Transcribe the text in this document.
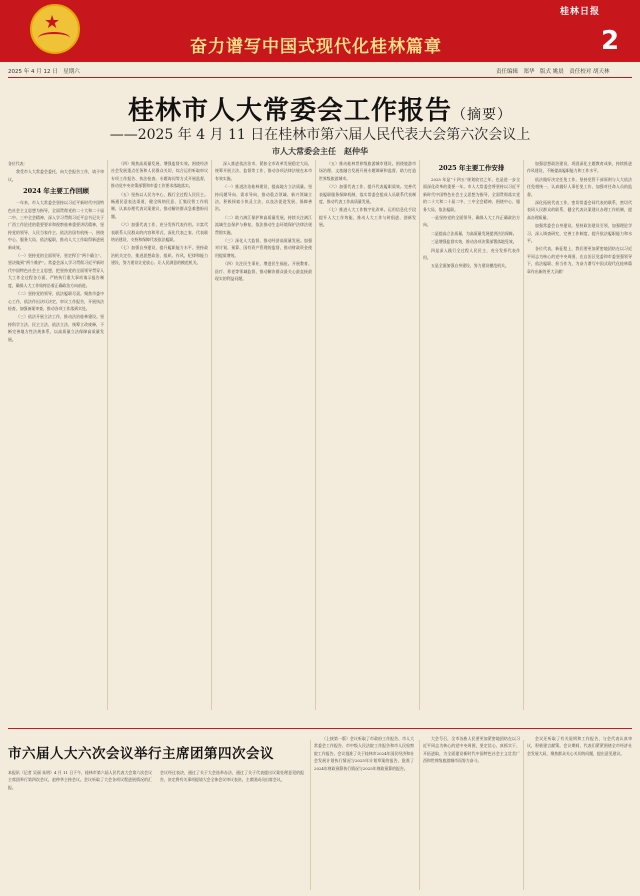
★
奋力谱写中国式现代化桂林篇章
桂林日报
2
2025 年 4 月 12 日　星期六	责任编辑　郑华　版式 姚晨　责任校对 胡天林
桂林市人大常委会工作报告（摘要）
——2025 年 4 月 11 日在桂林市第六届人民代表大会第六次会议上
市人大常委会主任　赵仲华

各位代表：

我受市人大常委会委托，向大会报告工作，请予审议。

2024 年主要工作回顾

一年来，市人大常委会坚持以习近平新时代中国特色社会主义思想为指导，全面贯彻党的二十大和二十届二中、三中全会精神，深入学习贯彻习近平总书记关于广西工作论述的重要要求和视察桂林重要讲话精神，坚持党的领导、人民当家作主、依法治国有机统一，围绕中心、服务大局，依法履职，推动人大工作取得新进展新成效。

（一）坚持党的全面领导，坚定捍卫“两个确立”、坚决做到“两个维护”。常委会深入学习贯彻习近平新时代中国特色社会主义思想，把坚持党的全面领导贯穿人大工作全过程各方面，严格执行重大事项请示报告制度，确保人大工作始终沿着正确政治方向前进。

（二）坚持党的领导，依法履职尽责。聚焦市委中心工作，依法作出决议决定，审议工作报告，开展执法检查，加强备案审查，推动各项工作落到实处。

（三）依法开展立法工作，推动法治桂林建设。坚持科学立法、民主立法、依法立法，统筹立改废释，不断完善地方性法规体系，以高质量立法保障高质量发展。

（四）聚焦高质量发展，增强监督实效。围绕经济社会发展重点任务和人民群众关切，综合运用听取审议专项工作报告、执法检查、专题询问等方式开展监督，推动党中央决策部署和市委工作要求落地落实。

（五）坚持以人民为中心，践行全过程人民民主。畅通民意表达渠道，健全吸纳民意、汇集民智工作机制，认真办理代表议案建议，推动解决群众急难愁盼问题。

（六）加强代表工作，充分发挥代表作用。丰富代表联系人民群众的内容和形式，深化代表之家、代表联络站建设，支持和保障代表依法履职。

（七）加强自身建设，提升履职能力水平。坚持政治机关定位，推进思想政治、组织、作风、纪律和能力建设，努力建设让党放心、让人民满意的模范机关。

深入推进依法治市，紧扣全市改革发展稳定大局，统筹开展立法、监督等工作，推动各项法律法规在本市有效实施。

（一）推进法治桂林建设，提高地方立法质量。坚持问题导向、需求导向，推动重点领域、新兴领域立法，积极探索小快灵立法，以良法促进发展、保障善治。

（二）助力漓江保护和高质量发展。持续关注漓江流域生态保护与修复，依法推动生态环境保护法律法规贯彻实施。

（三）深化人大监督，推动经济高质量发展。加强对计划、预算、国有资产管理的监督，推动财政资金使用提质增效。

（四）关注民生事业，增进民生福祉。开展教育、医疗、养老等领域监督，推动解决群众最关心最直接最现实的利益问题。

（五）推动桂林世界级旅游城市建设。围绕旅游市场治理、文旅融合发展开展专题调研和监督，助力打造世界级旅游城市。

（六）加强代表工作，提升代表履职质效。完善代表履职服务保障机制，落实常委会组成人员联系代表制度，推动代表工作高质量发展。

（七）推进人大工作数字化改革。运用信息化手段提升人大工作效能，推动人大工作与时俱进、创新发展。

2025 年主要工作安排

2025 年是“十四五”规划收官之年，也是进一步全面深化改革的重要一年。市人大常委会将坚持以习近平新时代中国特色社会主义思想为指导，全面贯彻落实党的二十大和二十届二中、三中全会精神，围绕中心、服务大局，依法履职。

一是坚持党的全面领导，确保人大工作正确政治方向。

二是提高立法质量，为高质量发展提供法治保障。

三是增强监督实效，推动各项决策部署落地见效。

四是深入践行全过程人民民主，充分发挥代表作用。

五是全面加强自身建设，努力建设模范机关。

加强思想政治建设，巩固深化主题教育成果，持续推进作风建设，不断提高履职能力和工作水平。

依法做好决定任免工作。坚持党管干部原则与人大依法任免相统一，认真做好人事任免工作，加强对任命人员的监督。

深化拓展代表工作。密切常委会同代表的联系，密切代表同人民群众的联系，健全代表议案建议办理工作机制，提高办理质量。

加强常委会自身建设。坚持政治建设引领，加强理论学习，深入调查研究，完善工作制度，提升依法履职能力和水平。

各位代表，新征程上，我们要更加紧密地团结在以习近平同志为核心的党中央周围，在自治区党委和市委坚强领导下，依法履职、担当作为，为奋力谱写中国式现代化桂林篇章作出新的更大贡献！

市六届人大六次会议举行主席团第四次会议
本报讯（记者 吴丽 朱明）4 月 11 日下午，桂林市第六届人民代表大会第六次会议主席团举行第四次会议，赵仲华主持会议。会议听取了大会各项议程进展情况的汇报。
会议经过表决，通过了关于大会选举办法，通过了关于代表提出议案处理意见的报告，决定将有关事项提请大会全体会议审议表决。主席团成员出席会议。

（上接第一版）会议听取了市政府工作报告、市人大常委会工作报告、市中级人民法院工作报告和市人民检察院工作报告。会议批准了关于桂林市2024年国民经济和社会发展计划执行情况与2025年计划草案的报告，批准了2024年财政预算执行情况与2025年财政预算的报告。

大会号召，全市各族人民要更加紧密地团结在以习近平同志为核心的党中央周围，坚定信心、真抓实干、开拓进取，为全面建设新时代中国特色社会主义壮美广西和世界级旅游城市而努力奋斗。

会议还听取了有关说明和工作报告，与会代表认真审议，积极建言献策。会议期间，代表们紧紧围绕全市经济社会发展大局，聚焦群众关心关切的问题，提出意见建议。
